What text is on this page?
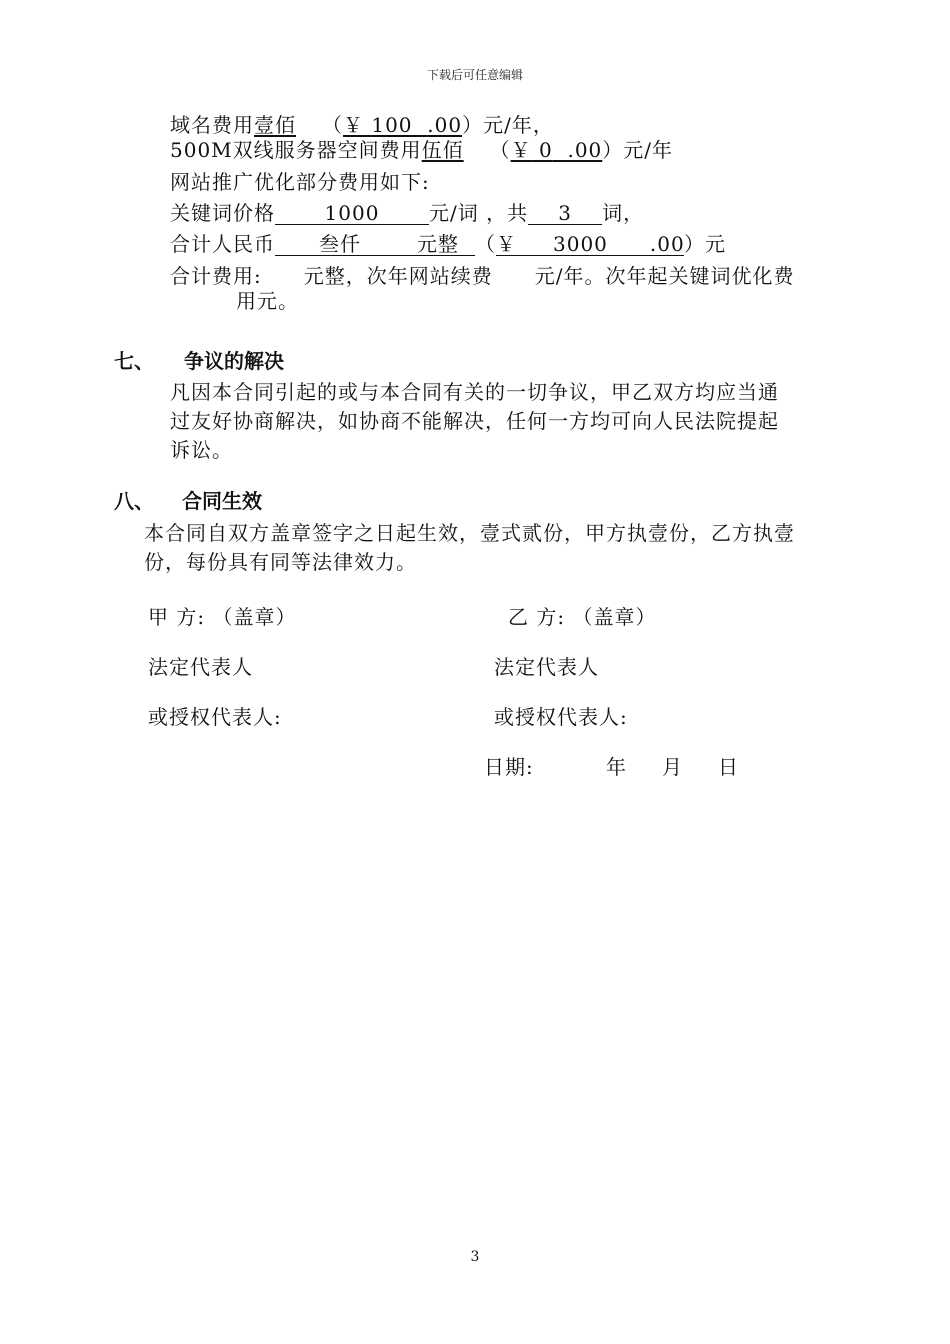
下载后可任意编辑
域名费用壹佰 （￥ 100 .00）元/年，
500M双线服务器空间费用伍佰 （￥ 0 .00）元/年
网站推广优化部分费用如下:
关键词价格 1000 元/词 ，共 3 词，
合计人民币 叁仟	元整 （￥ 3000 .00）元
合计费用:　　元整，次年网站续费　　元/年。次年起关键词优化费
用元。
七、 争议的解决
凡因本合同引起的或与本合同有关的一切争议，甲乙双方均应当通
过友好协商解决，如协商不能解决，任何一方均可向人民法院提起
诉讼。
八、 合同生效
本合同自双方盖章签字之日起生效，壹式贰份，甲方执壹份，乙方执壹
份，每份具有同等法律效力。
甲 方: （盖章）	乙 方: （盖章）
法定代表人	法定代表人
或授权代表人:	或授权代表人:
日期:	年 月 日
3
